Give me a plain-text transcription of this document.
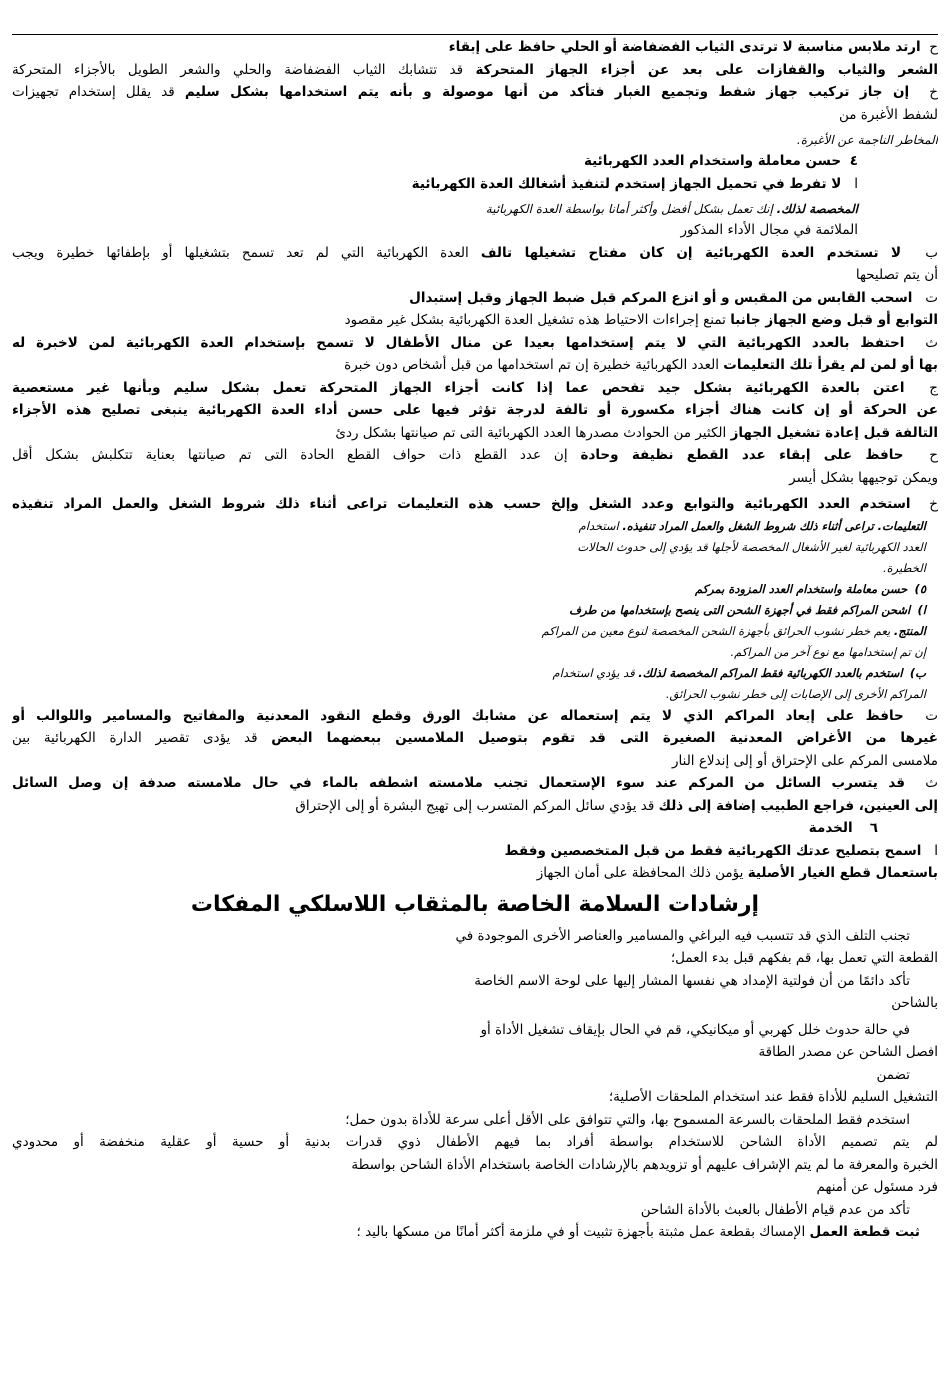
ح  ارتد ملابس مناسبة لا ترتدى الثياب الفضفاضة أو الحلي حافظ على إبقاء
الشعر والثياب والقفازات على بعد عن أجزاء الجهاز المتحركة قد تتشابك الثياب الفضفاضة والحلي والشعر الطويل بالأجزاء المتحركة
خ  إن جاز تركيب جهاز شفط وتجميع الغبار فتأكد من أنها موصولة و بأنه يتم استخدامها بشكل سليم قد يقلل إستخدام تجهيزات
لشفط الأغبرة من
المخاطر الناجمة عن الأغبرة.
٤  حسن معاملة واستخدام العدد الكهربائية
ا   لا تفرط في تحميل الجهاز إستخدم لتنفيذ أشغالك العدة الكهربائية
المخصصة لذلك. إنك تعمل بشكل أفضل وأكثر أمانا بواسطة العدة الكهربائية
الملائمة في مجال الأداء المذكور
ب  لا تستخدم العدة الكهربائية إن كان مفتاح تشغيلها تالف العدة الكهربائية التي لم تعد تسمح بتشغيلها أو بإطفائها خطيرة ويجب
أن يتم تصليحها
ت   اسحب القابس من المقبس و أو انزع المركم قبل ضبط الجهاز وقبل إستبدال
التوابع أو قبل وضع الجهاز جانبا تمنع إجراءات الاحتياط هذه تشغيل العدة الكهربائية بشكل غير مقصود
ث  احتفظ بالعدد الكهربائية التي لا يتم إستخدامها بعيدا عن منال الأطفال لا تسمح بإستخدام العدة الكهربائية لمن لاخبرة له
بها أو لمن لم يقرأ تلك التعليمات العدد الكهربائية خطيرة إن تم استخدامها من قبل أشخاص دون خبرة
ج  اعتن بالعدة الكهربائية بشكل جيد تفحص عما إذا كانت أجزاء الجهاز المتحركة تعمل بشكل سليم وبأنها غير مستعصية
عن الحركة أو إن كانت هناك أجزاء مكسورة أو تالفة لدرجة تؤثر فيها على حسن أداء العدة الكهربائية ينبغى تصليح هذه الأجزاء
التالفة قبل إعادة تشغيل الجهاز الكثير من الحوادث مصدرها العدد الكهربائية التى تم صيانتها بشكل ردئ
ح  حافظ على إبقاء عدد القطع نظيفة وحادة إن عدد القطع ذات حواف القطع الحادة التى تم صيانتها بعناية تتكلبش بشكل أقل
ويمكن توجيهها بشكل أيسر
خ  استخدم العدد الكهربائية والتوابع وعدد الشغل وإلخ حسب هذه التعليمات تراعى أثناء ذلك شروط الشغل والعمل المراد تنفيذه
التعليمات. تراعى أثناء ذلك شروط الشغل والعمل المراد تنفيذه. استخدام
العدد الكهربائية لغير الأشغال المخصصة لأجلها قد يؤدي إلى حدوث الحالات
الخطيرة.
٥)  حسن معاملة واستخدام العدد المزودة بمركم
ا)  اشحن المراكم فقط في أجهزة الشحن التى ينصح بإستخدامها من طرف
المنتج. يعم خطر نشوب الحرائق بأجهزة الشحن المخصصة لنوع معين من المراكم
إن تم إستخدامها مع نوع آخر من المراكم.
ب)  استخدم بالعدد الكهربائية فقط المراكم المخصصة لذلك. قد يؤدي استخدام
المراكم الأخرى إلى الإصابات إلى خطر نشوب الحرائق.
ت  حافظ على إبعاد المراكم الذي لا يتم إستعماله عن مشابك الورق وقطع النقود المعدنية والمفاتيح والمسامير واللوالب أو
غيرها من الأغراض المعدنية الصغيرة التى قد تقوم بتوصيل الملامسين ببعضهما البعض قد يؤدى تقصير الدارة الكهربائية بين
ملامسى المركم على الإحتراق أو إلى إندلاع النار
ث  قد يتسرب السائل من المركم عند سوء الإستعمال تجنب ملامسته اشطفه بالماء في حال ملامسته صدفة إن وصل السائل
إلى العينين، فراجع الطبيب إضافة إلى ذلك قد يؤدي سائل المركم المتسرب إلى تهيج البشرة أو إلى الإحتراق
٦    الخدمة
ا   اسمح بتصليح عدتك الكهربائية فقط من قبل المتخصصين وفقط
باستعمال قطع الغيار الأصلية يؤمن ذلك المحافظة على أمان الجهاز
إرشادات السلامة الخاصة بالمثقاب اللاسلكي المفكات
تجنب التلف الذي قد تتسبب فيه البراغي والمسامير والعناصر الأخرى الموجودة في
القطعة التي تعمل بها، قم بفكهم قبل بدء العمل؛
تأكد دائمًا من أن فولتية الإمداد هي نفسها المشار إليها على لوحة الاسم الخاصة
بالشاحن
في حالة حدوث خلل كهربي أو ميكانيكي، قم في الحال بإيقاف تشغيل الأداة أو
افصل الشاحن عن مصدر الطاقة
تضمن
التشغيل السليم للأداة فقط عند استخدام الملحقات الأصلية؛
استخدم فقط الملحقات بالسرعة المسموح بها، والتي تتوافق على الأقل أعلى سرعة للأداة بدون حمل؛
لم يتم تصميم الأداة الشاحن للاستخدام بواسطة أفراد بما فيهم الأطفال ذوي قدرات بدنية أو حسية أو عقلية منخفضة أو محدودي
الخبرة والمعرفة ما لم يتم الإشراف عليهم أو تزويدهم بالإرشادات الخاصة باستخدام الأداة الشاحن بواسطة
فرد مسئول عن أمنهم
تأكد من عدم قيام الأطفال بالعبث بالأداة الشاحن
ثبت قطعة العمل الإمساك بقطعة عمل مثبتة بأجهزة تثبيت أو في ملزمة أكثر أمانًا من مسكها باليد ؛
